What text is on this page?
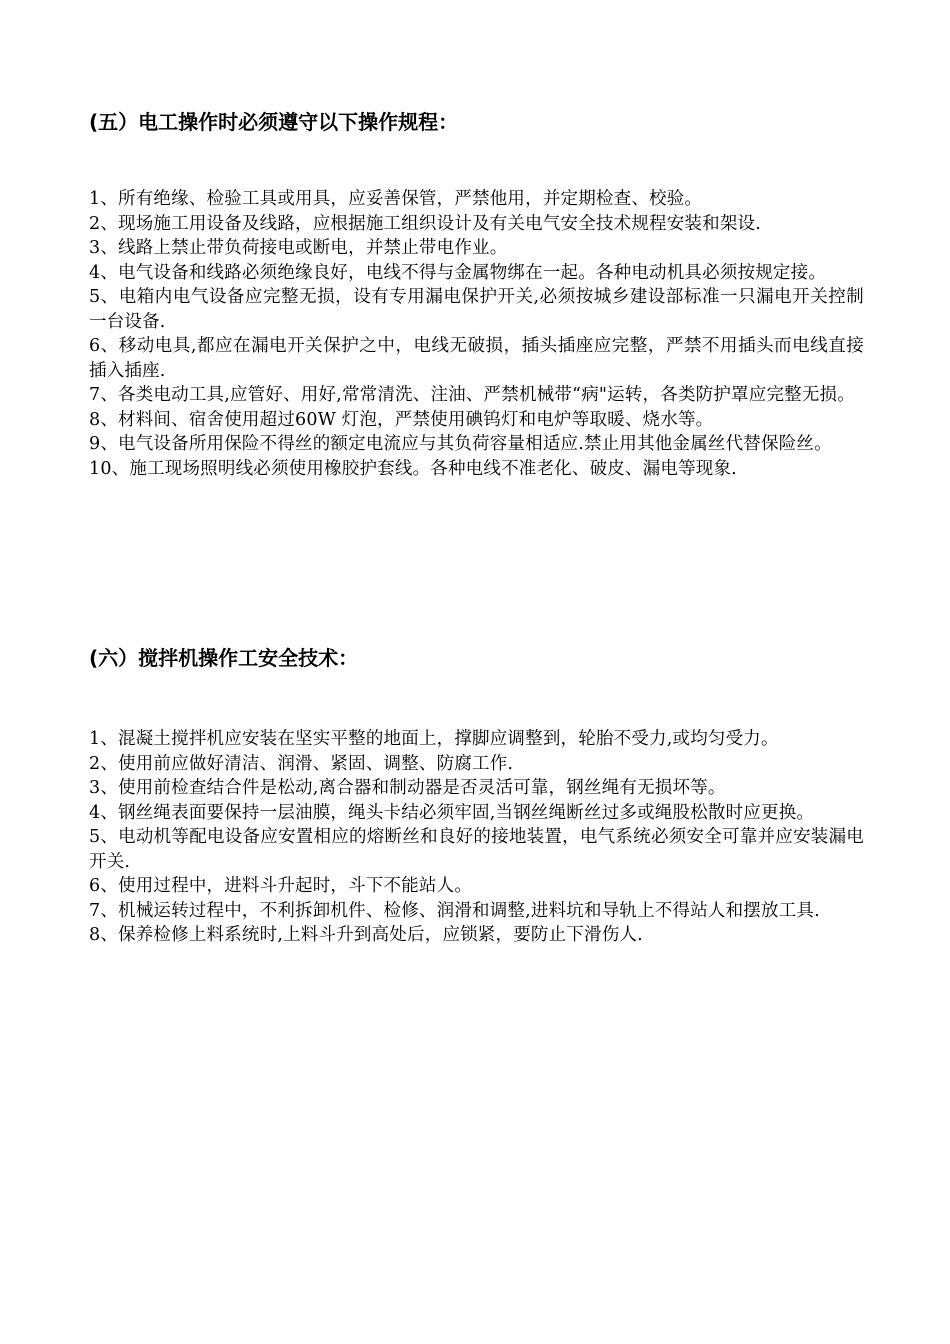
(五）电工操作时必须遵守以下操作规程：
1、所有绝缘、检验工具或用具，应妥善保管，严禁他用，并定期检查、校验。
2、现场施工用设备及线路，应根据施工组织设计及有关电气安全技术规程安装和架设.
3、线路上禁止带负荷接电或断电，并禁止带电作业。
4、电气设备和线路必须绝缘良好，电线不得与金属物绑在一起。各种电动机具必须按规定接。
5、电箱内电气设备应完整无损，设有专用漏电保护开关,必须按城乡建设部标准一只漏电开关控制一台设备.
6、移动电具,都应在漏电开关保护之中，电线无破损，插头插座应完整，严禁不用插头而电线直接插入插座.
7、各类电动工具,应管好、用好,常常清洗、注油、严禁机械带“病"运转，各类防护罩应完整无损。
8、材料间、宿舍使用超过60W 灯泡，严禁使用碘钨灯和电炉等取暖、烧水等。
9、电气设备所用保险不得丝的额定电流应与其负荷容量相适应.禁止用其他金属丝代替保险丝。
10、施工现场照明线必须使用橡胶护套线。各种电线不准老化、破皮、漏电等现象.
(六）搅拌机操作工安全技术：
1、混凝土搅拌机应安装在坚实平整的地面上，撑脚应调整到，轮胎不受力,或均匀受力。
2、使用前应做好清洁、润滑、紧固、调整、防腐工作.
3、使用前检查结合件是松动,离合器和制动器是否灵活可靠，钢丝绳有无损坏等。
4、钢丝绳表面要保持一层油膜，绳头卡结必须牢固,当钢丝绳断丝过多或绳股松散时应更换。
5、电动机等配电设备应安置相应的熔断丝和良好的接地装置，电气系统必须安全可靠并应安装漏电开关.
6、使用过程中，进料斗升起时，斗下不能站人。
7、机械运转过程中，不利拆卸机件、检修、润滑和调整,进料坑和导轨上不得站人和摆放工具.
8、保养检修上料系统时,上料斗升到高处后，应锁紧，要防止下滑伤人.
